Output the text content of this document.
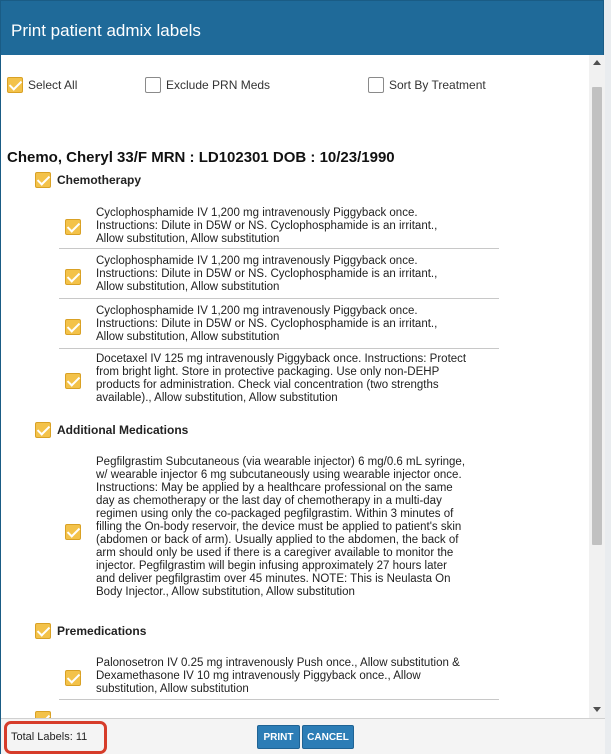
Print patient admix labels
Select All	Exclude PRN Meds	Sort By Treatment
Chemo, Cheryl 33/F MRN : LD102301 DOB : 10/23/1990
Chemotherapy
Cyclophosphamide IV 1,200 mg intravenously Piggyback once.
Instructions: Dilute in D5W or NS. Cyclophosphamide is an irritant.,
Allow substitution, Allow substitution
Cyclophosphamide IV 1,200 mg intravenously Piggyback once.
Instructions: Dilute in D5W or NS. Cyclophosphamide is an irritant.,
Allow substitution, Allow substitution
Cyclophosphamide IV 1,200 mg intravenously Piggyback once.
Instructions: Dilute in D5W or NS. Cyclophosphamide is an irritant.,
Allow substitution, Allow substitution
Docetaxel IV 125 mg intravenously Piggyback once. Instructions: Protect
from bright light. Store in protective packaging. Use only non-DEHP
products for administration. Check vial concentration (two strengths
available)., Allow substitution, Allow substitution
Additional Medications
Pegfilgrastim Subcutaneous (via wearable injector) 6 mg/0.6 mL syringe,
w/ wearable injector 6 mg subcutaneously using wearable injector once.
Instructions: May be applied by a healthcare professional on the same
day as chemotherapy or the last day of chemotherapy in a multi-day
regimen using only the co-packaged pegfilgrastim. Within 3 minutes of
filling the On-body reservoir, the device must be applied to patient's skin
(abdomen or back of arm). Usually applied to the abdomen, the back of
arm should only be used if there is a caregiver available to monitor the
injector. Pegfilgrastim will begin infusing approximately 27 hours later
and deliver pegfilgrastim over 45 minutes. NOTE: This is Neulasta On
Body Injector., Allow substitution, Allow substitution
Premedications
Palonosetron IV 0.25 mg intravenously Push once., Allow substitution &
Dexamethasone IV 10 mg intravenously Piggyback once., Allow
substitution, Allow substitution
Total Labels: 11	PRINT	CANCEL
